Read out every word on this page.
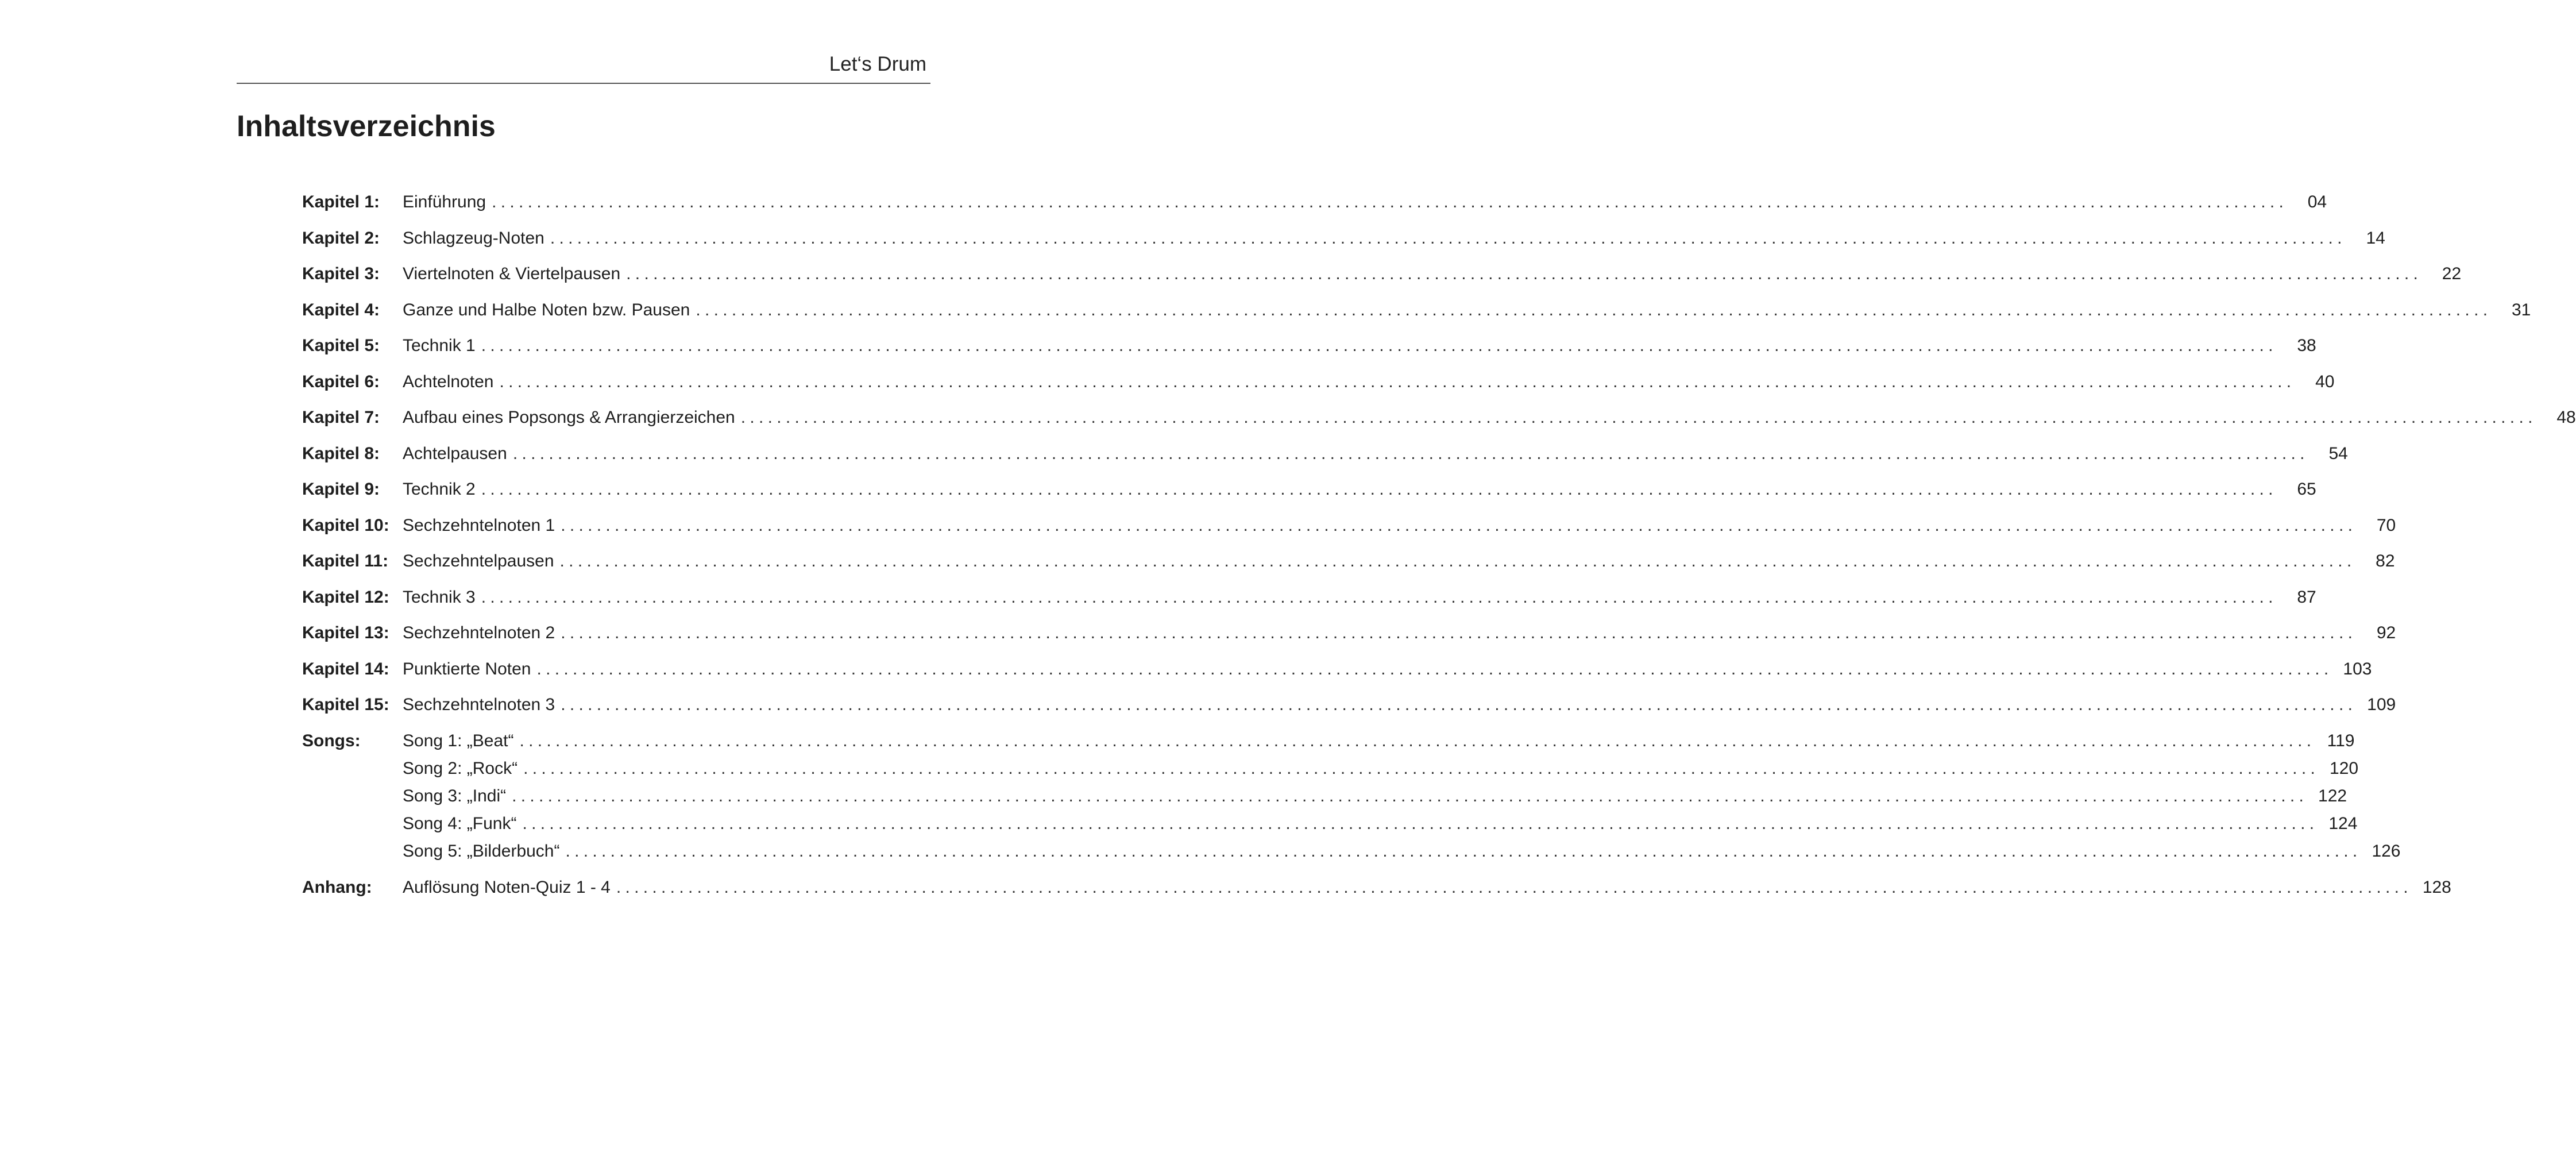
Let‘s Drum
Inhaltsverzeichnis
Kapitel 1: Einführung ........................................................................................................................................................................................................	04
Kapitel 2: Schlagzeug-Noten ........................................................................................................................................................................................................	14
Kapitel 3: Viertelnoten & Viertelpausen ........................................................................................................................................................................................................	22
Kapitel 4: Ganze und Halbe Noten bzw. Pausen ........................................................................................................................................................................................................	31
Kapitel 5: Technik 1 ........................................................................................................................................................................................................	38
Kapitel 6: Achtelnoten ........................................................................................................................................................................................................	40
Kapitel 7: Aufbau eines Popsongs & Arrangierzeichen ........................................................................................................................................................................................................	48
Kapitel 8: Achtelpausen ........................................................................................................................................................................................................	54
Kapitel 9: Technik 2 ........................................................................................................................................................................................................	65
Kapitel 10: Sechzehntelnoten 1 ........................................................................................................................................................................................................	70
Kapitel 11: Sechzehntelpausen ........................................................................................................................................................................................................	82
Kapitel 12: Technik 3 ........................................................................................................................................................................................................	87
Kapitel 13: Sechzehntelnoten 2 ........................................................................................................................................................................................................	92
Kapitel 14: Punktierte Noten ........................................................................................................................................................................................................ 103
Kapitel 15: Sechzehntelnoten 3 ........................................................................................................................................................................................................ 109
Songs: Song 1: „Beat“ ........................................................................................................................................................................................................ 119
Song 2: „Rock“ ........................................................................................................................................................................................................ 120
Song 3: „Indi“ ........................................................................................................................................................................................................ 122
Song 4: „Funk“ ........................................................................................................................................................................................................ 124
Song 5: „Bilderbuch“ ........................................................................................................................................................................................................ 126
Anhang: Auflösung Noten-Quiz 1 - 4 ........................................................................................................................................................................................................ 128
